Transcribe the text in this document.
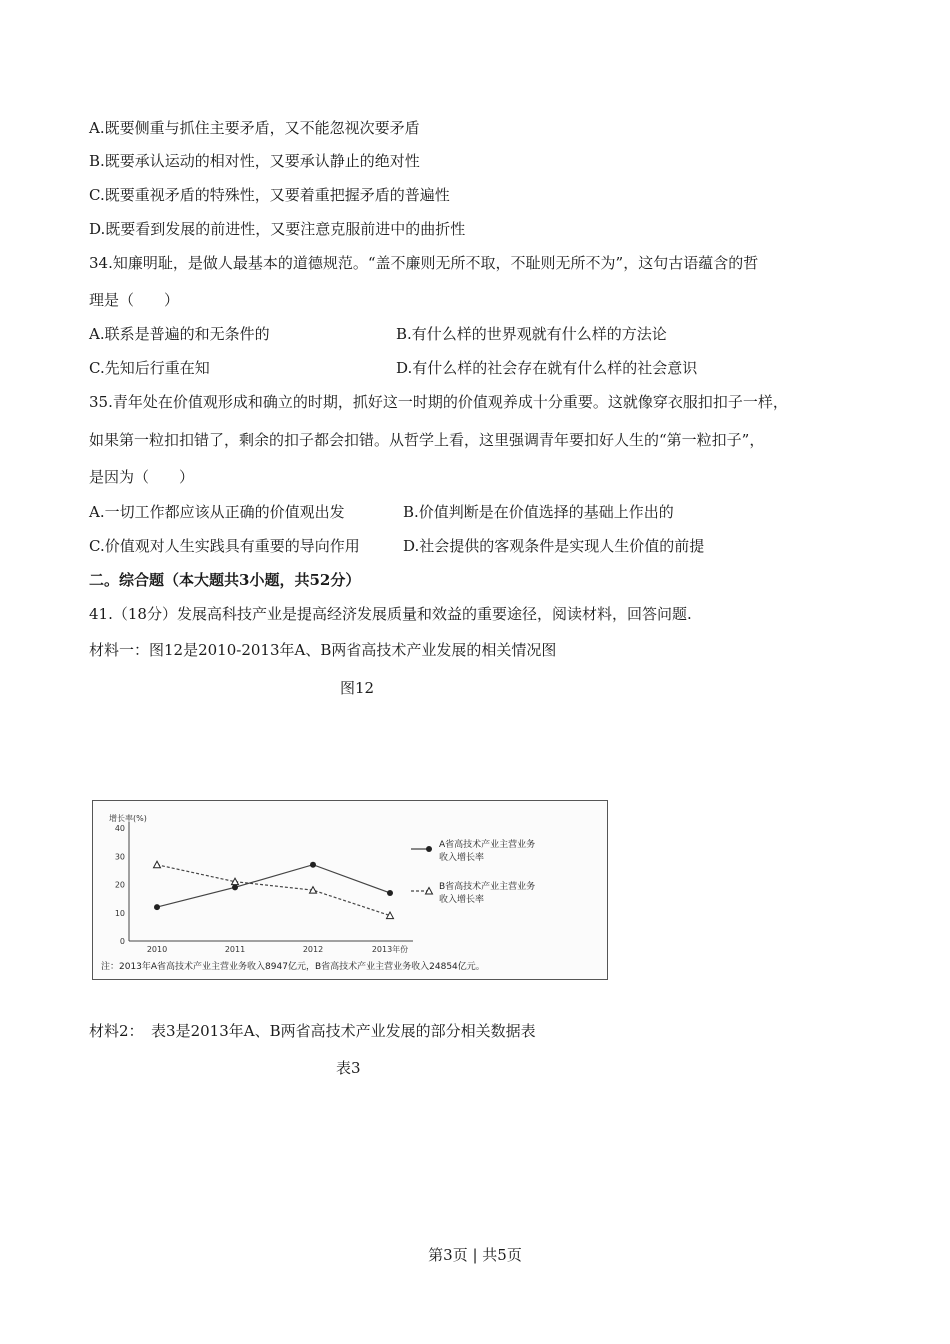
A.既要侧重与抓住主要矛盾，又不能忽视次要矛盾
B.既要承认运动的相对性，又要承认静止的绝对性
C.既要重视矛盾的特殊性，又要着重把握矛盾的普遍性
D.既要看到发展的前进性，又要注意克服前进中的曲折性
34.知廉明耻，是做人最基本的道德规范。“盖不廉则无所不取，不耻则无所不为”，这句古语蕴含的哲
理是（　　）
A.联系是普遍的和无条件的	B.有什么样的世界观就有什么样的方法论
C.先知后行重在知	D.有什么样的社会存在就有什么样的社会意识
35.青年处在价值观形成和确立的时期，抓好这一时期的价值观养成十分重要。这就像穿衣服扣扣子一样，
如果第一粒扣扣错了，剩余的扣子都会扣错。从哲学上看，这里强调青年要扣好人生的“第一粒扣子”，
是因为（　　）
A.一切工作都应该从正确的价值观出发	B.价值判断是在价值选择的基础上作出的
C.价值观对人生实践具有重要的导向作用	D.社会提供的客观条件是实现人生价值的前提
二。综合题（本大题共3小题，共52分）
41.（18分）发展高科技产业是提高经济发展质量和效益的重要途径，阅读材料，回答问题.
材料一：图12是2010-2013年A、B两省高技术产业发展的相关情况图
图12
增长率(%)
0
10
20
30
40
2010	2011	2012	2013年份
A省高技术产业主营业务
收入增长率
B省高技术产业主营业务
收入增长率
注：2013年A省高技术产业主营业务收入8947亿元，B省高技术产业主营业务收入24854亿元。
材料2：　表3是2013年A、B两省高技术产业发展的部分相关数据表
表3
第3页 | 共5页
